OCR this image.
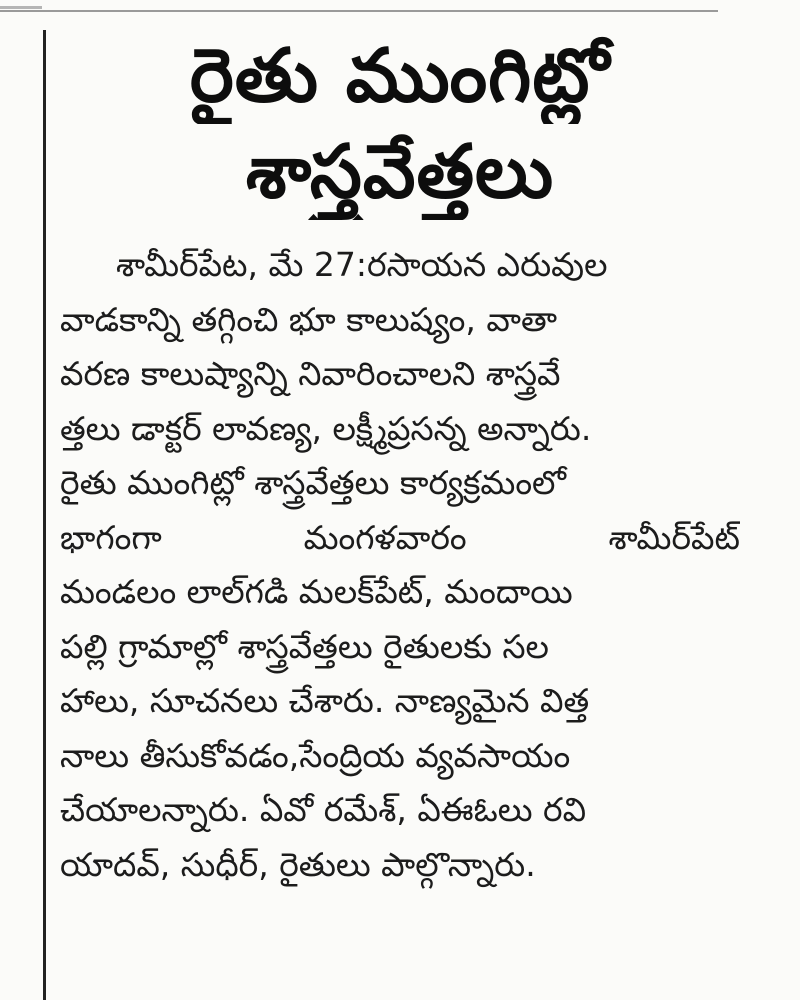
రైతు ముంగిట్లో
శాస్త్రవేత్తలు
శామీర్‌పేట, మే 27:రసాయన ఎరువుల
వాడకాన్ని తగ్గించి భూ కాలుష్యం, వాతా
వరణ కాలుష్యాన్ని నివారించాలని శాస్త్రవే
త్తలు డాక్టర్ లావణ్య, లక్ష్మీప్రసన్న అన్నారు.
రైతు ముంగిట్లో శాస్త్రవేత్తలు కార్యక్రమంలో
భాగంగా	మంగళవారం	శామీర్‌పేట్
మండలం లాల్‌గడి మలక్‌పేట్, మందాయి
పల్లి గ్రామాల్లో శాస్త్రవేత్తలు రైతులకు సల
హాలు, సూచనలు చేశారు. నాణ్యమైన విత్త
నాలు తీసుకోవడం,సేంద్రియ వ్యవసాయం
చేయాలన్నారు. ఏవో రమేశ్, ఏఈఓలు రవి
యాదవ్, సుధీర్, రైతులు పాల్గొన్నారు.
